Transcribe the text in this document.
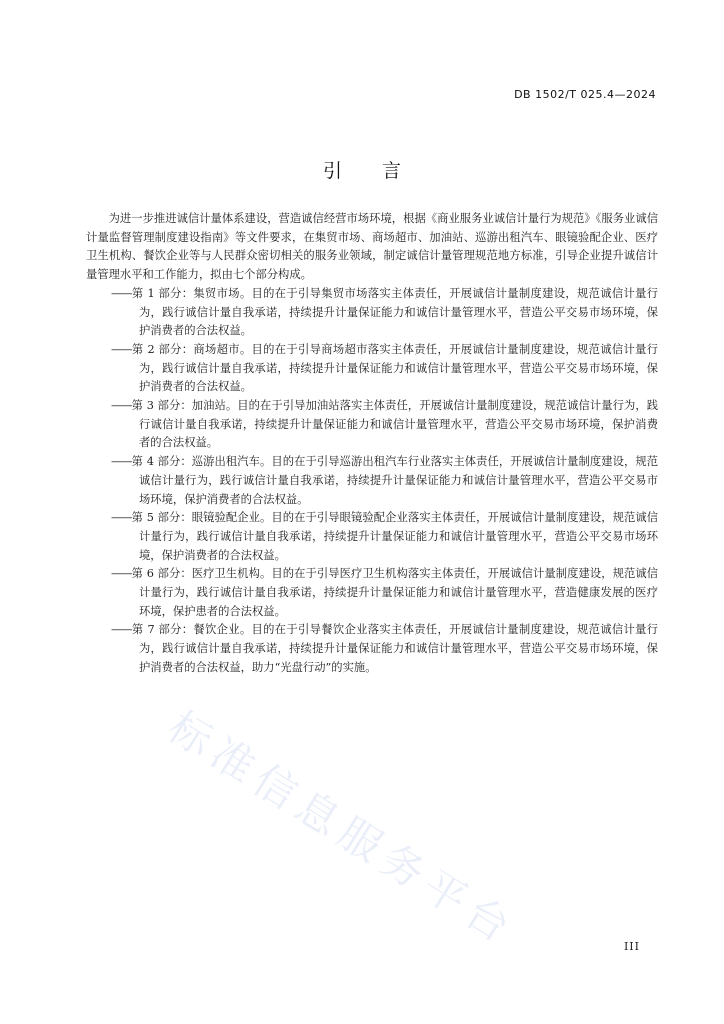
DB 1502/T 025.4—2024
引言

为进一步推进诚信计量体系建设，营造诚信经营市场环境，根据《商业服务业诚信计量行为规范》《服务业诚信计量监督管理制度建设指南》等文件要求，在集贸市场、商场超市、加油站、巡游出租汽车、眼镜验配企业、医疗卫生机构、餐饮企业等与人民群众密切相关的服务业领域，制定诚信计量管理规范地方标准，引导企业提升诚信计量管理水平和工作能力，拟由七个部分构成。

——第 1 部分：集贸市场。目的在于引导集贸市场落实主体责任，开展诚信计量制度建设，规范诚信计量行为，践行诚信计量自我承诺，持续提升计量保证能力和诚信计量管理水平，营造公平交易市场环境，保护消费者的合法权益。
——第 2 部分：商场超市。目的在于引导商场超市落实主体责任，开展诚信计量制度建设，规范诚信计量行为，践行诚信计量自我承诺，持续提升计量保证能力和诚信计量管理水平，营造公平交易市场环境，保护消费者的合法权益。
——第 3 部分：加油站。目的在于引导加油站落实主体责任，开展诚信计量制度建设，规范诚信计量行为，践行诚信计量自我承诺，持续提升计量保证能力和诚信计量管理水平，营造公平交易市场环境，保护消费者的合法权益。
——第 4 部分：巡游出租汽车。目的在于引导巡游出租汽车行业落实主体责任，开展诚信计量制度建设，规范诚信计量行为，践行诚信计量自我承诺，持续提升计量保证能力和诚信计量管理水平，营造公平交易市场环境，保护消费者的合法权益。
——第 5 部分：眼镜验配企业。目的在于引导眼镜验配企业落实主体责任，开展诚信计量制度建设，规范诚信计量行为，践行诚信计量自我承诺，持续提升计量保证能力和诚信计量管理水平，营造公平交易市场环境，保护消费者的合法权益。
——第 6 部分：医疗卫生机构。目的在于引导医疗卫生机构落实主体责任，开展诚信计量制度建设，规范诚信计量行为，践行诚信计量自我承诺，持续提升计量保证能力和诚信计量管理水平，营造健康发展的医疗环境，保护患者的合法权益。
——第 7 部分：餐饮企业。目的在于引导餐饮企业落实主体责任，开展诚信计量制度建设，规范诚信计量行为，践行诚信计量自我承诺，持续提升计量保证能力和诚信计量管理水平，营造公平交易市场环境，保护消费者的合法权益，助力“光盘行动”的实施。
标准信息服务平台	III
